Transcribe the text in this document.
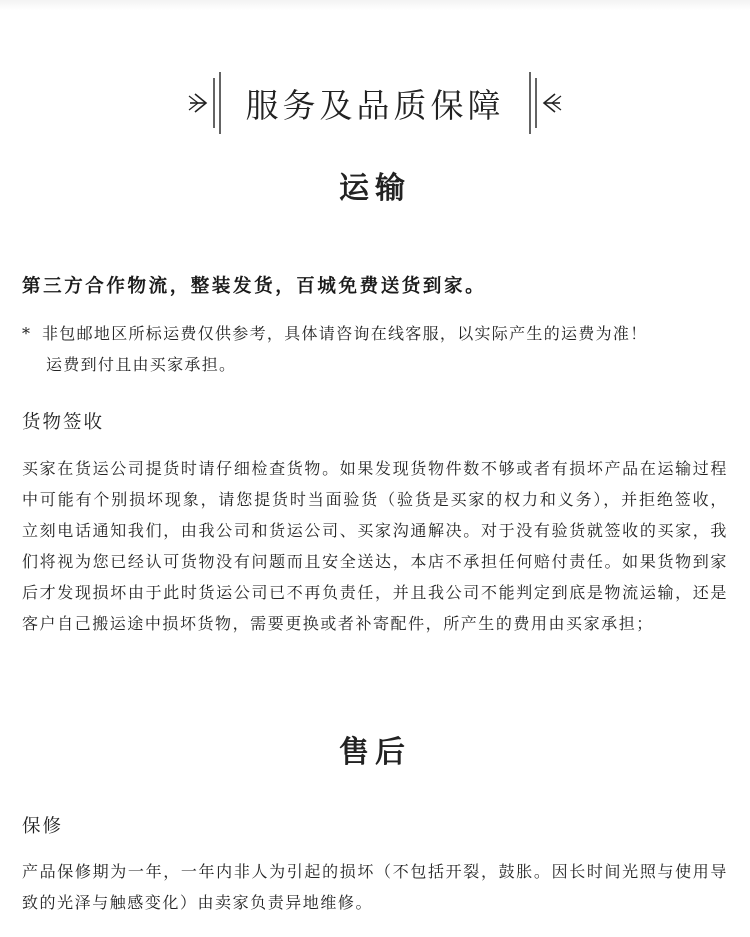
服务及品质保障
运输
第三方合作物流，整装发货，百城免费送货到家。
* 非包邮地区所标运费仅供参考，具体请咨询在线客服，以实际产生的运费为准！
运费到付且由买家承担。
货物签收
买家在货运公司提货时请仔细检查货物。如果发现货物件数不够或者有损坏产品在运输过程中可能有个别损坏现象，请您提货时当面验货（验货是买家的权力和义务），并拒绝签收，立刻电话通知我们，由我公司和货运公司、买家沟通解决。对于没有验货就签收的买家，我们将视为您已经认可货物没有问题而且安全送达，本店不承担任何赔付责任。如果货物到家后才发现损坏由于此时货运公司已不再负责任，并且我公司不能判定到底是物流运输，还是客户自己搬运途中损坏货物，需要更换或者补寄配件，所产生的费用由买家承担；
售后
保修
产品保修期为一年，一年内非人为引起的损坏（不包括开裂，鼓胀。因长时间光照与使用导致的光泽与触感变化）由卖家负责异地维修。
